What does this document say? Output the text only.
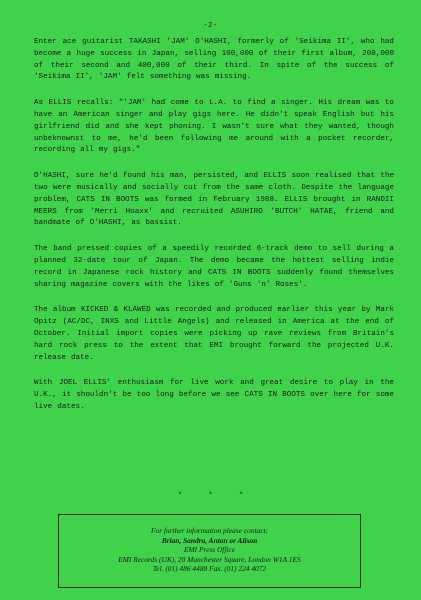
-2-

Enter ace guitarist TAKASHI 'JAM' O'HASHI, formerly of 'Seikima II', who had become a huge success in Japan, selling 100,000 of their first album, 200,000 of their second and 400,000 of their third. In spite of the success of 'Seikima II', 'JAM' felt something was missing.

As ELLIS recalls: "'JAM' had come to L.A. to find a singer. His dream was to have an American singer and play gigs here. He didn't speak English but his girlfriend did and she kept phoning. I wasn't sure what they wanted, though unbeknownst to me, he'd been following me around with a pocket recorder, recording all my gigs."

O'HASHI, sure he'd found his man, persisted, and ELLIS soon realised that the two were musically and socially cut from the same cloth. Despite the language problem, CATS IN BOOTS was formed in February 1988. ELLIS brought in RANDII MEERS from 'Merri Hoaxx' and recruited ASUHIRO 'BUTCH' HATAE, friend and bandmate of O'HASHI, as bassist.

The band pressed copies of a speedily recorded 6-track demo to sell during a planned 32-date tour of Japan. The demo became the hottest selling indie record in Japanese rock history and CATS IN BOOTS suddenly found themselves sharing magazine covers with the likes of 'Guns 'n' Roses'.

The album KICKED & KLAWED was recorded and produced earlier this year by Mark Opitz (AC/DC, INXS and Little Angels) and released in America at the end of October. Initial import copies were picking up rave reviews from Britain's hard rock press to the extent that EMI brought forward the projected U.K. release date.

With JOEL ELLIS' enthusiasm for live work and great desire to play in the U.K., it shouldn't be too long before we see CATS IN BOOTS over here for some live dates.

* * *
For further information please contact:
Brian, Sandra, Anton or Alison
EMI Press Office
EMI Records (UK), 20 Manchester Square, London W1A 1ES
Tel. (01) 486 4488 Fax. (01) 224 4072
